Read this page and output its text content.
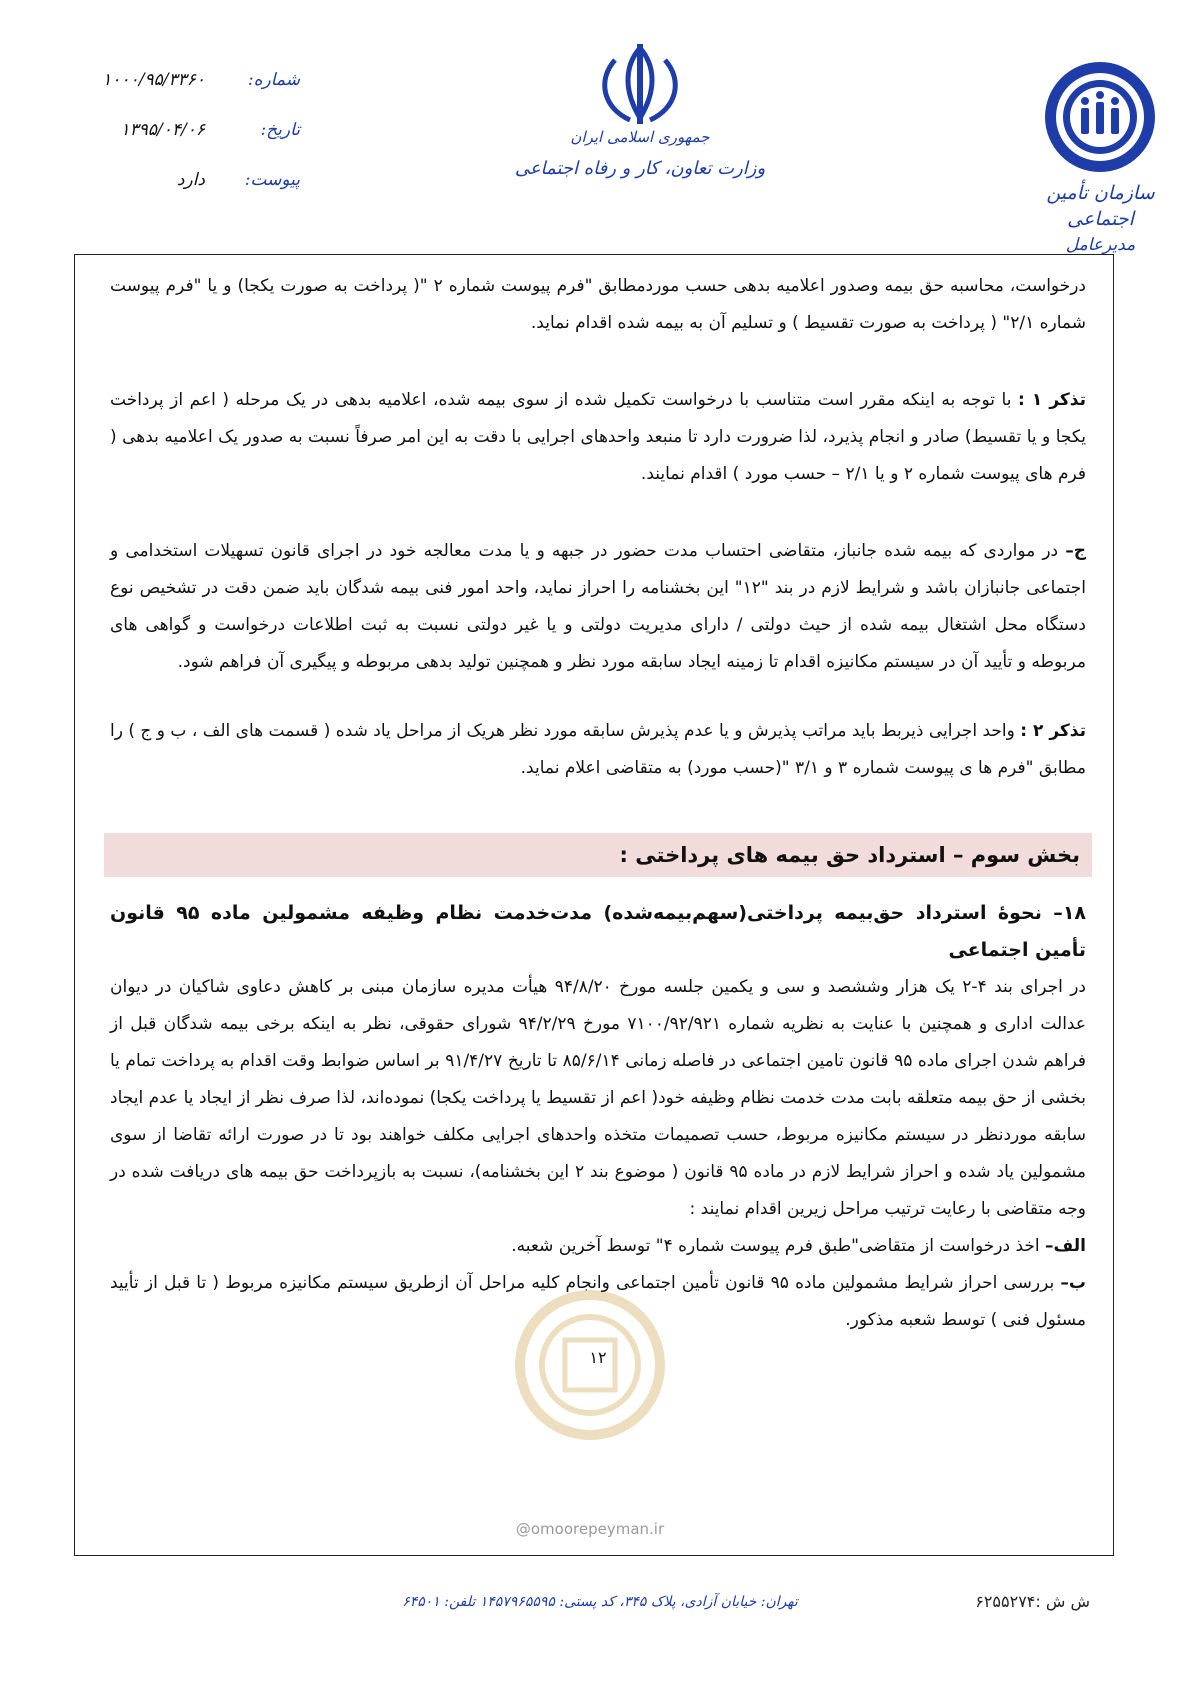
سازمان تأمین اجتماعی
مدیرعامل
جمهوری اسلامی ایران
وزارت تعاون، کار و رفاه اجتماعی
شماره:
۱۰۰۰/۹۵/۳۳۶۰
تاریخ:
۱۳۹۵/۰۴/۰۶
پیوست:
دارد

درخواست، محاسبه حق بیمه وصدور اعلامیه بدهی حسب موردمطابق "فرم پیوست شماره ۲ "( پرداخت به صورت یکجا) و یا "فرم پیوست شماره ۲/۱" ( پرداخت به صورت تقسیط ) و تسلیم آن به بیمه شده اقدام نماید.

تذکر ۱ : با توجه به اینکه مقرر است متناسب با درخواست تکمیل شده از سوی بیمه شده، اعلامیه بدهی در یک مرحله ( اعم از پرداخت یکجا و یا تقسیط) صادر و انجام پذیرد، لذا ضرورت دارد تا منبعد واحدهای اجرایی با دقت به این امر صرفاً نسبت به صدور یک اعلامیه بدهی ( فرم های پیوست شماره ۲ و یا ۲/۱ – حسب مورد ) اقدام نمایند.

ج– در مواردی که بیمه شده جانباز، متقاضی احتساب مدت حضور در جبهه و یا مدت معالجه خود در اجرای قانون تسهیلات استخدامی و اجتماعی جانبازان باشد و شرایط لازم در بند "۱۲" این بخشنامه را احراز نماید، واحد امور فنی بیمه شدگان باید ضمن دقت در تشخیص نوع دستگاه محل اشتغال بیمه شده از حیث دولتی / دارای مدیریت دولتی و یا غیر دولتی نسبت به ثبت اطلاعات درخواست و گواهی های مربوطه و تأیید آن در سیستم مکانیزه اقدام تا زمینه ایجاد سابقه مورد نظر و همچنین تولید بدهی مربوطه و پیگیری آن فراهم شود.

تذکر ۲ : واحد اجرایی ذیربط باید مراتب پذیرش و یا عدم پذیرش سابقه مورد نظر هریک از مراحل یاد شده ( قسمت های الف ، ب و ج ) را مطابق "فرم ها ی پیوست شماره ۳ و ۳/۱ "(حسب مورد) به متقاضی اعلام نماید.

بخش سوم – استرداد حق بیمه های پرداختی :

۱۸– نحوهٔ استرداد حق‌بیمه پرداختی(سهم‌بیمه‌شده) مدت‌خدمت نظام وظیفه مشمولین ماده ۹۵ قانون تأمین اجتماعی

در اجرای بند ۴-۲ یک هزار وششصد و سی و یکمین جلسه مورخ ۹۴/۸/۲۰ هیأت مدیره سازمان مبنی بر کاهش دعاوی شاکیان در دیوان عدالت اداری و همچنین با عنایت به نظریه شماره ۷۱۰۰/۹۲/۹۲۱ مورخ ۹۴/۲/۲۹ شورای حقوقی، نظر به اینکه برخی بیمه شدگان قبل از فراهم شدن اجرای ماده ۹۵ قانون تامین اجتماعی در فاصله زمانی ۸۵/۶/۱۴ تا تاریخ ۹۱/۴/۲۷ بر اساس ضوابط وقت اقدام به پرداخت تمام یا بخشی از حق بیمه متعلقه بابت مدت خدمت نظام وظیفه خود( اعم از تقسیط یا پرداخت یکجا) نموده‌اند، لذا صرف نظر از ایجاد یا عدم ایجاد سابقه موردنظر در سیستم مکانیزه مربوط، حسب تصمیمات متخذه واحدهای اجرایی مکلف خواهند بود تا در صورت ارائه تقاضا از سوی مشمولین یاد شده و احراز شرایط لازم در ماده ۹۵ قانون ( موضوع بند ۲ این بخشنامه)، نسبت به بازپرداخت حق بیمه های دریافت شده در وجه متقاضی با رعایت ترتیب مراحل زیرین اقدام نمایند :

الف– اخذ درخواست از متقاضی"طبق فرم پیوست شماره ۴" توسط آخرین شعبه.

ب– بررسی احراز شرایط مشمولین ماده ۹۵ قانون تأمین اجتماعی وانجام کلیه مراحل آن ازطریق سیستم مکانیزه مربوط ( تا قبل از تأیید مسئول فنی ) توسط شعبه مذکور.

۱۲

@omoorepeyman.ir
تهران: خیابان آزادی، پلاک ۳۴۵، کد پستی: ۱۴۵۷۹۶۵۵۹۵ تلفن: ۶۴۵۰۱	ش ش :۶۲۵۵۲۷۴
